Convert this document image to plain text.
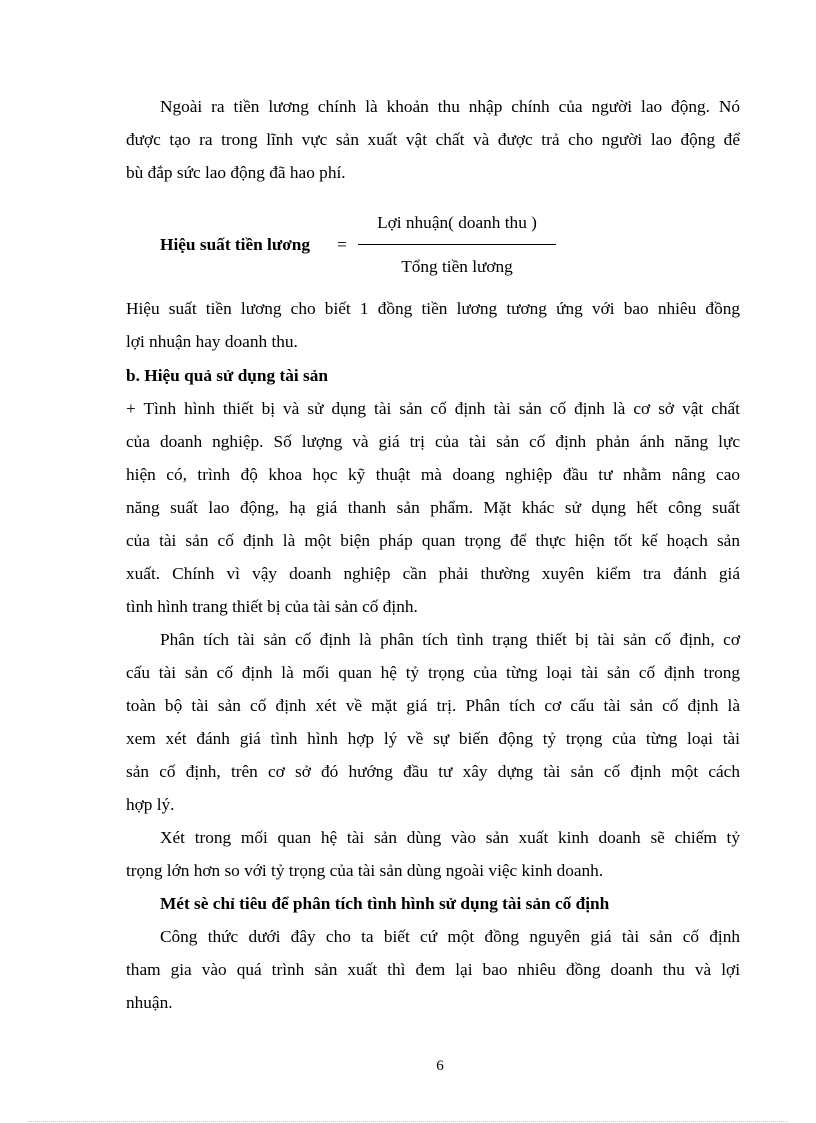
Ngoài ra tiền lương chính là khoản thu nhập chính của người lao động. Nó
được tạo ra trong lĩnh vực sản xuất vật chất và được trả cho người lao động để
bù đắp sức lao động đã hao phí.
Hiệu suất tiền lương =
Lợi nhuận( doanh thu )
Tổng tiền lương
Hiệu suất tiền lương cho biết 1 đồng tiền lương tương ứng với bao nhiêu đồng
lợi nhuận hay doanh thu.
b. Hiệu quả sử dụng tài sản
+ Tình hình thiết bị và sử dụng tài sản cố định tài sản cố định là cơ sở vật chất
của doanh nghiệp. Số lượng và giá trị của tài sản cố định phản ánh năng lực
hiện có, trình độ khoa học kỹ thuật mà doang nghiệp đầu tư nhằm nâng cao
năng suất lao động, hạ giá thanh sản phẩm. Mặt khác sử dụng hết công suất
của tài sản cố định là một biện pháp quan trọng để thực hiện tốt kế hoạch sản
xuất. Chính vì vậy doanh nghiệp cần phải thường xuyên kiểm tra đánh giá
tình hình trang thiết bị của tài sản cố định.
Phân tích tài sản cố định là phân tích tình trạng thiết bị tài sản cố định, cơ
cấu tài sản cố định là mối quan hệ tỷ trọng của từng loại tài sản cố định trong
toàn bộ tài sản cố định xét về mặt giá trị. Phân tích cơ cấu tài sản cố định là
xem xét đánh giá tình hình hợp lý về sự biến động tỷ trọng của từng loại tài
sản cố định, trên cơ sở đó hướng đầu tư xây dựng tài sản cố định một cách
hợp lý.
Xét trong mối quan hệ tài sản dùng vào sản xuất kinh doanh sẽ chiếm tỷ
trọng lớn hơn so với tỷ trọng của tài sản dùng ngoài việc kinh doanh.
Mét sè chỉ tiêu để phân tích tình hình sử dụng tài sản cố định
Công thức dưới đây cho ta biết cứ một đồng nguyên giá tài sản cố định
tham gia vào quá trình sản xuất thì đem lại bao nhiêu đồng doanh thu và lợi
nhuận.
6
